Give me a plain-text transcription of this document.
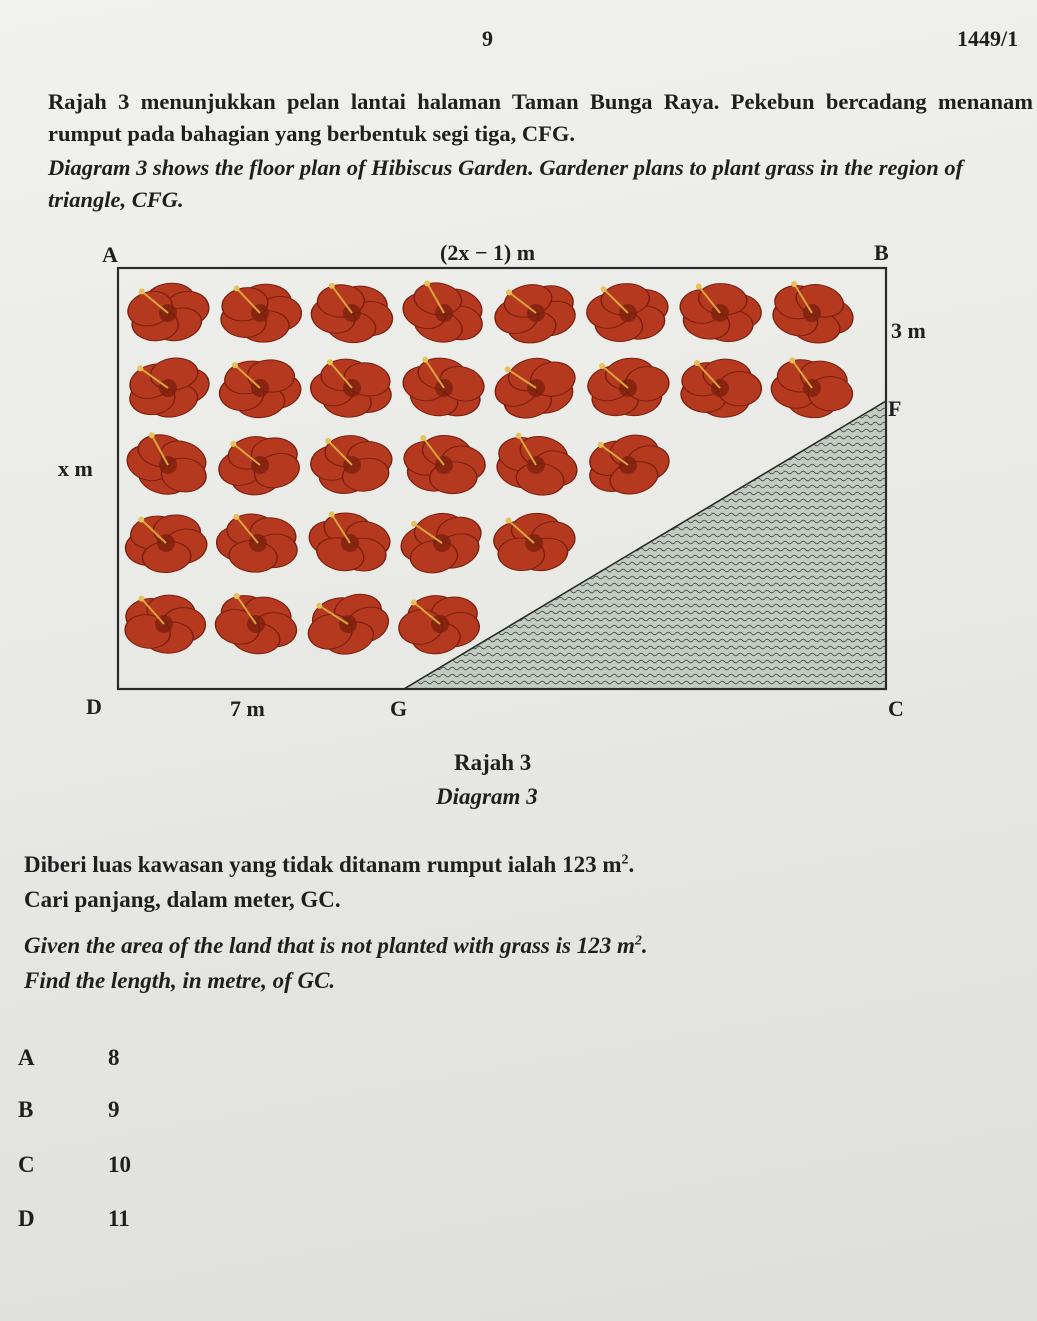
9	1449/1

Rajah 3 menunjukkan pelan lantai halaman Taman Bunga Raya. Pekebun bercadang menanam rumput pada bahagian yang berbentuk segi tiga, CFG.

Diagram 3 shows the floor plan of Hibiscus Garden. Gardener plans to plant grass in the region of triangle, CFG.

A	B
C
D
F
G
(2x − 1) m
3 m
x m
7 m
Rajah 3
Diagram 3
Diberi luas kawasan yang tidak ditanam rumput ialah 123 $m^2$.
Cari panjang, dalam meter, GC.
Given the area of the land that is not planted with grass is 123 $m^2$.
Find the length, in metre, of GC.
A	8
B	9
C	10
D	11
